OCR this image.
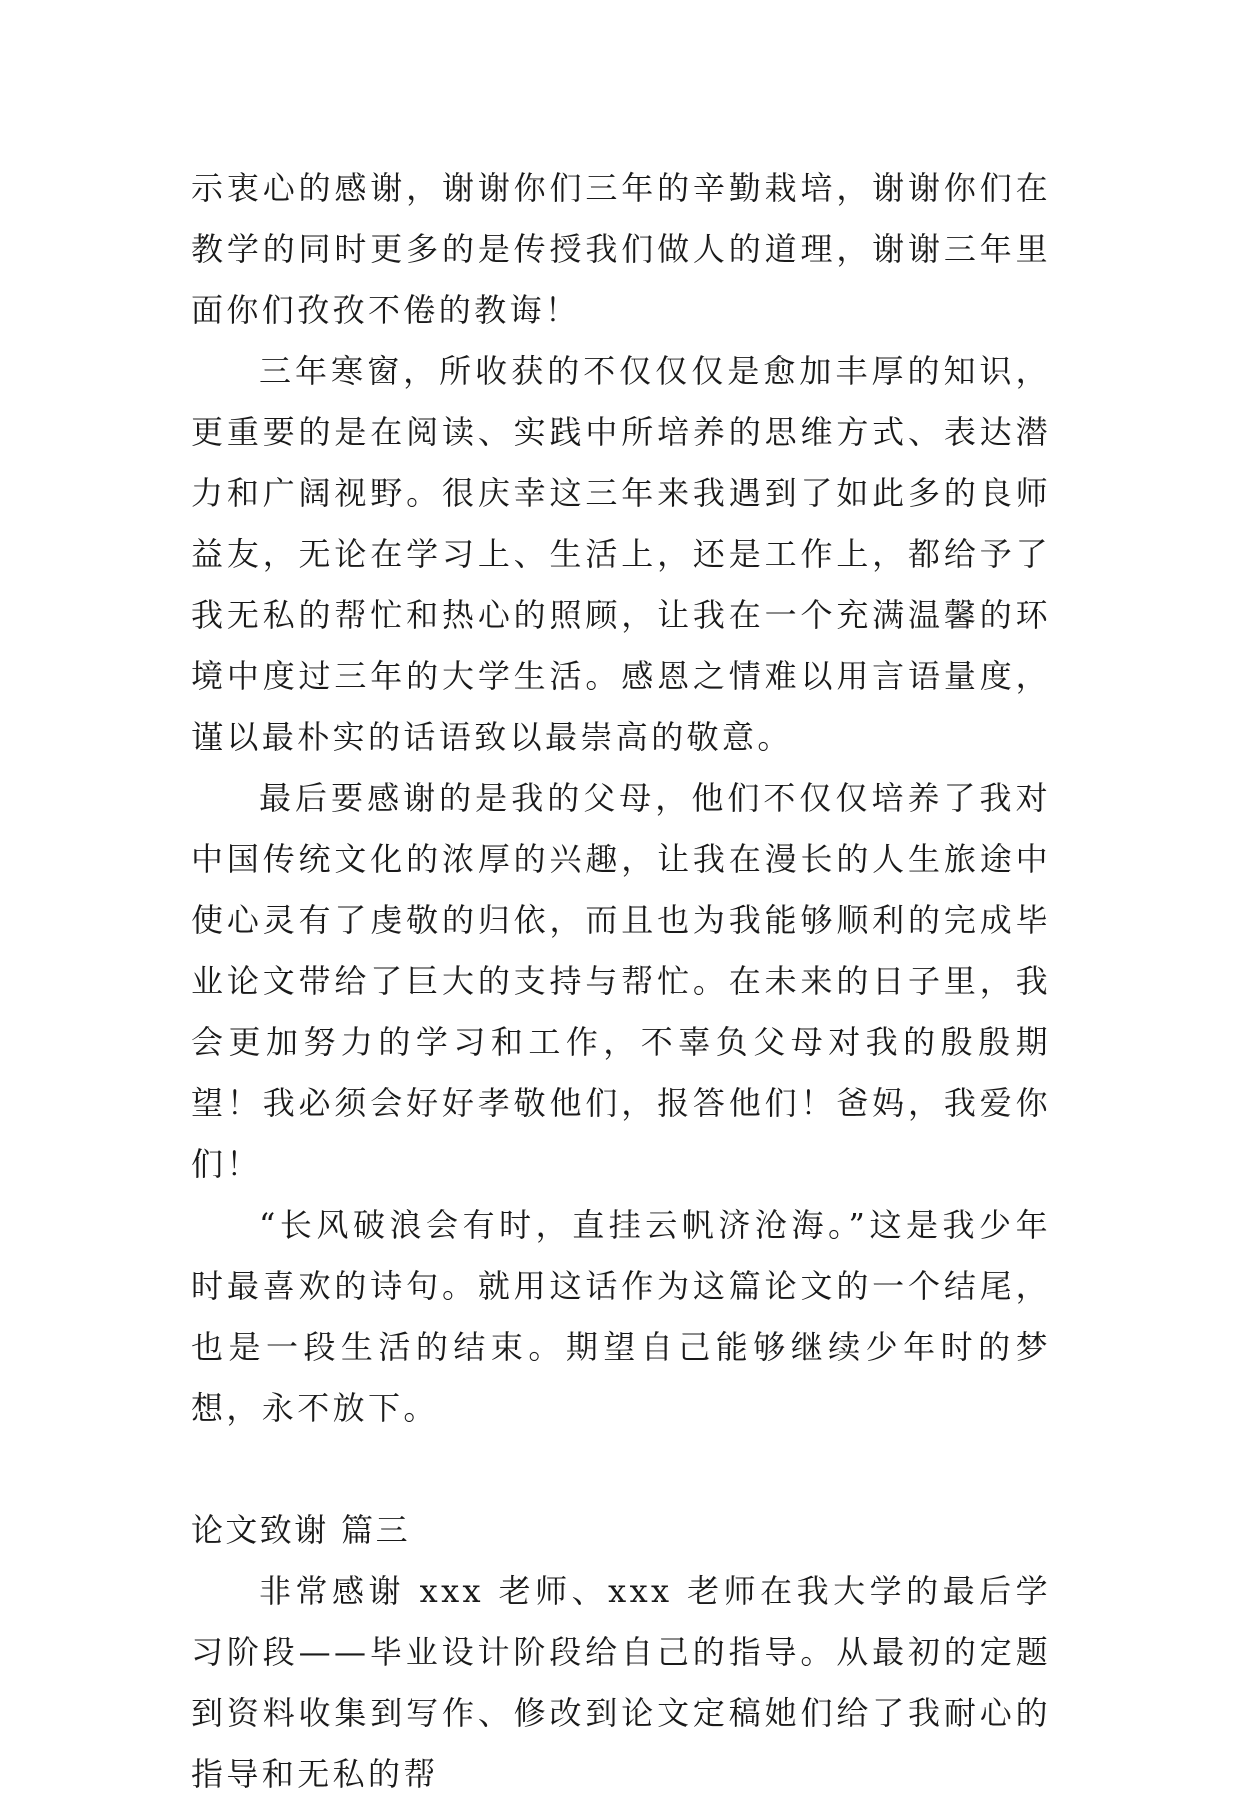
示衷心的感谢，谢谢你们三年的辛勤栽培，谢谢你们在教学的同时更多的是传授我们做人的道理，谢谢三年里面你们孜孜不倦的教诲！

三年寒窗，所收获的不仅仅仅是愈加丰厚的知识，更重要的是在阅读、实践中所培养的思维方式、表达潜力和广阔视野。很庆幸这三年来我遇到了如此多的良师益友，无论在学习上、生活上，还是工作上，都给予了我无私的帮忙和热心的照顾，让我在一个充满温馨的环境中度过三年的大学生活。感恩之情难以用言语量度，谨以最朴实的话语致以最崇高的敬意。

最后要感谢的是我的父母，他们不仅仅培养了我对中国传统文化的浓厚的兴趣，让我在漫长的人生旅途中使心灵有了虔敬的归依，而且也为我能够顺利的完成毕业论文带给了巨大的支持与帮忙。在未来的日子里，我会更加努力的学习和工作，不辜负父母对我的殷殷期望！我必须会好好孝敬他们，报答他们！爸妈，我爱你们！

“长风破浪会有时，直挂云帆济沧海。”这是我少年时最喜欢的诗句。就用这话作为这篇论文的一个结尾，也是一段生活的结束。期望自己能够继续少年时的梦想，永不放下。

论文致谢 篇三

非常感谢 xxx 老师、xxx 老师在我大学的最后学习阶段——毕业设计阶段给自己的指导。从最初的定题到资料收集到写作、修改到论文定稿她们给了我耐心的指导和无私的帮
